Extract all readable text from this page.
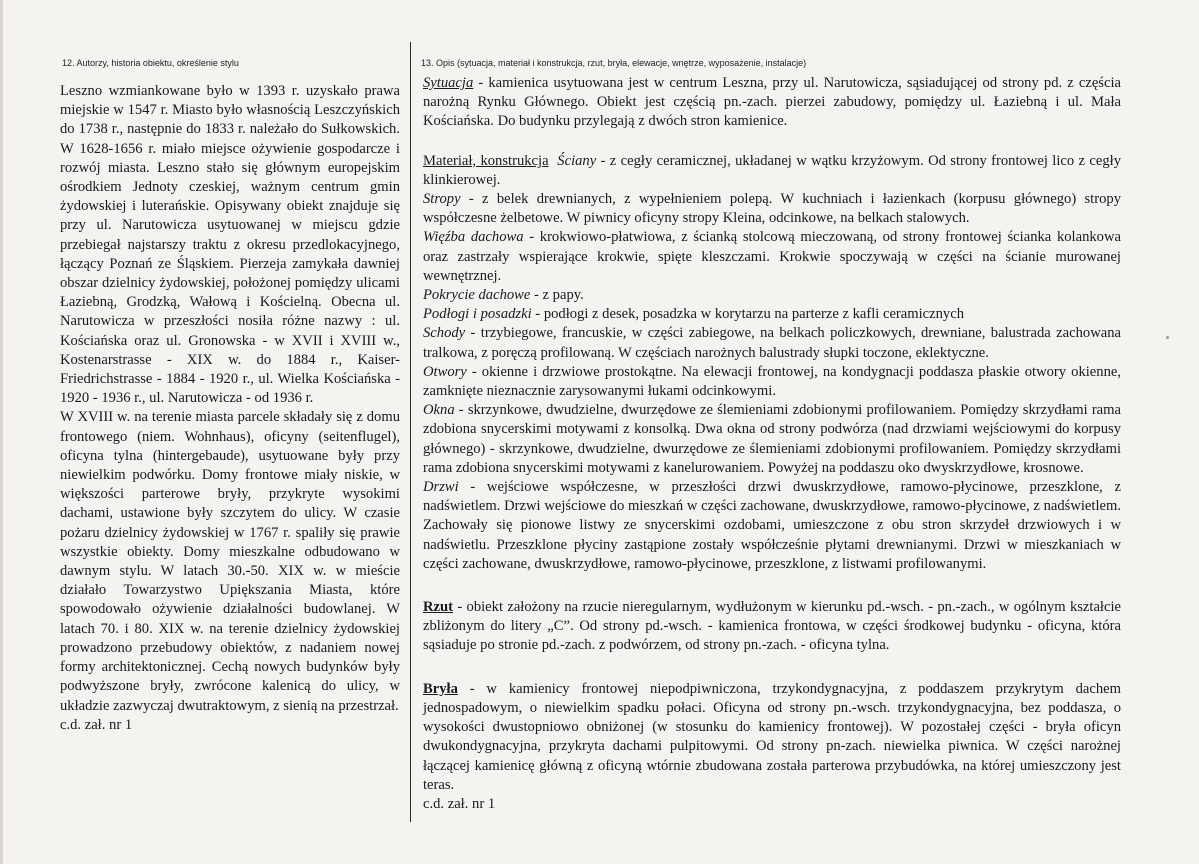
12. Autorzy, historia obiektu, określenie stylu	13. Opis (sytuacja, materiał i konstrukcja, rzut, bryła, elewacje, wnętrze, wyposażenie, instalacje)

Leszno wzmiankowane było w 1393 r. uzyskało prawa miejskie w 1547 r. Miasto było własnością Leszczyńskich do 1738 r., następnie do 1833 r. należało do Sułkowskich. W 1628-1656 r. miało miejsce ożywienie gospodarcze i rozwój miasta. Leszno stało się głównym europejskim ośrodkiem Jednoty czeskiej, ważnym centrum gmin żydowskiej i luterańskie. Opisywany obiekt znajduje się przy ul. Narutowicza usytuowanej w miejscu gdzie przebiegał najstarszy traktu z okresu przedlokacyjnego, łączący Poznań ze Śląskiem. Pierzeja zamykała dawniej obszar dzielnicy żydowskiej, położonej pomiędzy ulicami Łaziebną, Grodzką, Wałową i Kościelną. Obecna ul. Narutowicza w przeszłości nosiła różne nazwy : ul. Kościańska oraz ul. Gronowska - w XVII i XVIII w., Kostenarstrasse - XIX w. do 1884 r., Kaiser-Friedrichstrasse - 1884 - 1920 r., ul. Wielka Kościańska - 1920 - 1936 r., ul. Narutowicza - od 1936 r.

W XVIII w. na terenie miasta parcele składały się z domu frontowego (niem. Wohnhaus), oficyny (seitenflugel), oficyna tylna (hintergebaude), usytuowane były przy niewielkim podwórku. Domy frontowe miały niskie, w większości parterowe bryły, przykryte wysokimi dachami, ustawione były szczytem do ulicy. W czasie pożaru dzielnicy żydowskiej w 1767 r. spaliły się prawie wszystkie obiekty. Domy mieszkalne odbudowano w dawnym stylu. W latach 30.-50. XIX w. w mieście działało Towarzystwo Upiększania Miasta, które spowodowało ożywienie działalności budowlanej. W latach 70. i 80. XIX w. na terenie dzielnicy żydowskiej prowadzono przebudowy obiektów, z nadaniem nowej formy architektonicznej. Cechą nowych budynków były podwyższone bryły, zwrócone kalenicą do ulicy, w układzie zazwyczaj dwutraktowym, z sienią na przestrzał.

c.d. zał. nr 1

Sytuacja - kamienica usytuowana jest w centrum Leszna, przy ul. Narutowicza, sąsiadującej od strony pd. z częścia narożną Rynku Głównego. Obiekt jest częścią pn.-zach. pierzei zabudowy, pomiędzy ul. Łaziebną i ul. Mała Kościańska. Do budynku przylegają z dwóch stron kamienice.

Materiał, konstrukcja Ściany - z cegły ceramicznej, układanej w wątku krzyżowym. Od strony frontowej lico z cegły klinkierowej.

Stropy - z belek drewnianych, z wypełnieniem polepą. W kuchniach i łazienkach (korpusu głównego) stropy współczesne żelbetowe. W piwnicy oficyny stropy Kleina, odcinkowe, na belkach stalowych.

Więźba dachowa - krokwiowo-płatwiowa, z ścianką stolcową mieczowaną, od strony frontowej ścianka kolankowa oraz zastrzały wspierające krokwie, spięte kleszczami. Krokwie spoczywają w części na ścianie murowanej wewnętrznej.

Pokrycie dachowe - z papy.

Podłogi i posadzki - podłogi z desek, posadzka w korytarzu na parterze z kafli ceramicznych

Schody - trzybiegowe, francuskie, w części zabiegowe, na belkach policzkowych, drewniane, balustrada zachowana tralkowa, z poręczą profilowaną. W częściach narożnych balustrady słupki toczone, eklektyczne.

Otwory - okienne i drzwiowe prostokątne. Na elewacji frontowej, na kondygnacji poddasza płaskie otwory okienne, zamknięte nieznacznie zarysowanymi łukami odcinkowymi.

Okna - skrzynkowe, dwudzielne, dwurzędowe ze ślemieniami zdobionymi profilowaniem. Pomiędzy skrzydłami rama zdobiona snycerskimi motywami z konsolką. Dwa okna od strony podwórza (nad drzwiami wejściowymi do korpusy głównego) - skrzynkowe, dwudzielne, dwurzędowe ze ślemieniami zdobionymi profilowaniem. Pomiędzy skrzydłami rama zdobiona snycerskimi motywami z kanelurowaniem. Powyżej na poddaszu oko dwyskrzydłowe, krosnowe.

Drzwi - wejściowe współczesne, w przeszłości drzwi dwuskrzydłowe, ramowo-płycinowe, przeszklone, z nadświetlem. Drzwi wejściowe do mieszkań w części zachowane, dwuskrzydłowe, ramowo-płycinowe, z nadświetlem. Zachowały się pionowe listwy ze snycerskimi ozdobami, umieszczone z obu stron skrzydeł drzwiowych i w nadświetlu. Przeszklone płyciny zastąpione zostały współcześnie płytami drewnianymi. Drzwi w mieszkaniach w części zachowane, dwuskrzydłowe, ramowo-płycinowe, przeszklone, z listwami profilowanymi.

Rzut - obiekt założony na rzucie nieregularnym, wydłużonym w kierunku pd.-wsch. - pn.-zach., w ogólnym kształcie zbliżonym do litery „C”. Od strony pd.-wsch. - kamienica frontowa, w części środkowej budynku - oficyna, która sąsiaduje po stronie pd.-zach. z podwórzem, od strony pn.-zach. - oficyna tylna.

Bryła - w kamienicy frontowej niepodpiwniczona, trzykondygnacyjna, z poddaszem przykrytym dachem jednospadowym, o niewielkim spadku połaci. Oficyna od strony pn.-wsch. trzykondygnacyjna, bez poddasza, o wysokości dwustopniowo obniżonej (w stosunku do kamienicy frontowej). W pozostałej części - bryła oficyn dwukondygnacyjna, przykryta dachami pulpitowymi. Od strony pn-zach. niewielka piwnica. W części narożnej łączącej kamienicę główną z oficyną wtórnie zbudowana została parterowa przybudówka, na której umieszczony jest teras.

c.d. zał. nr 1
